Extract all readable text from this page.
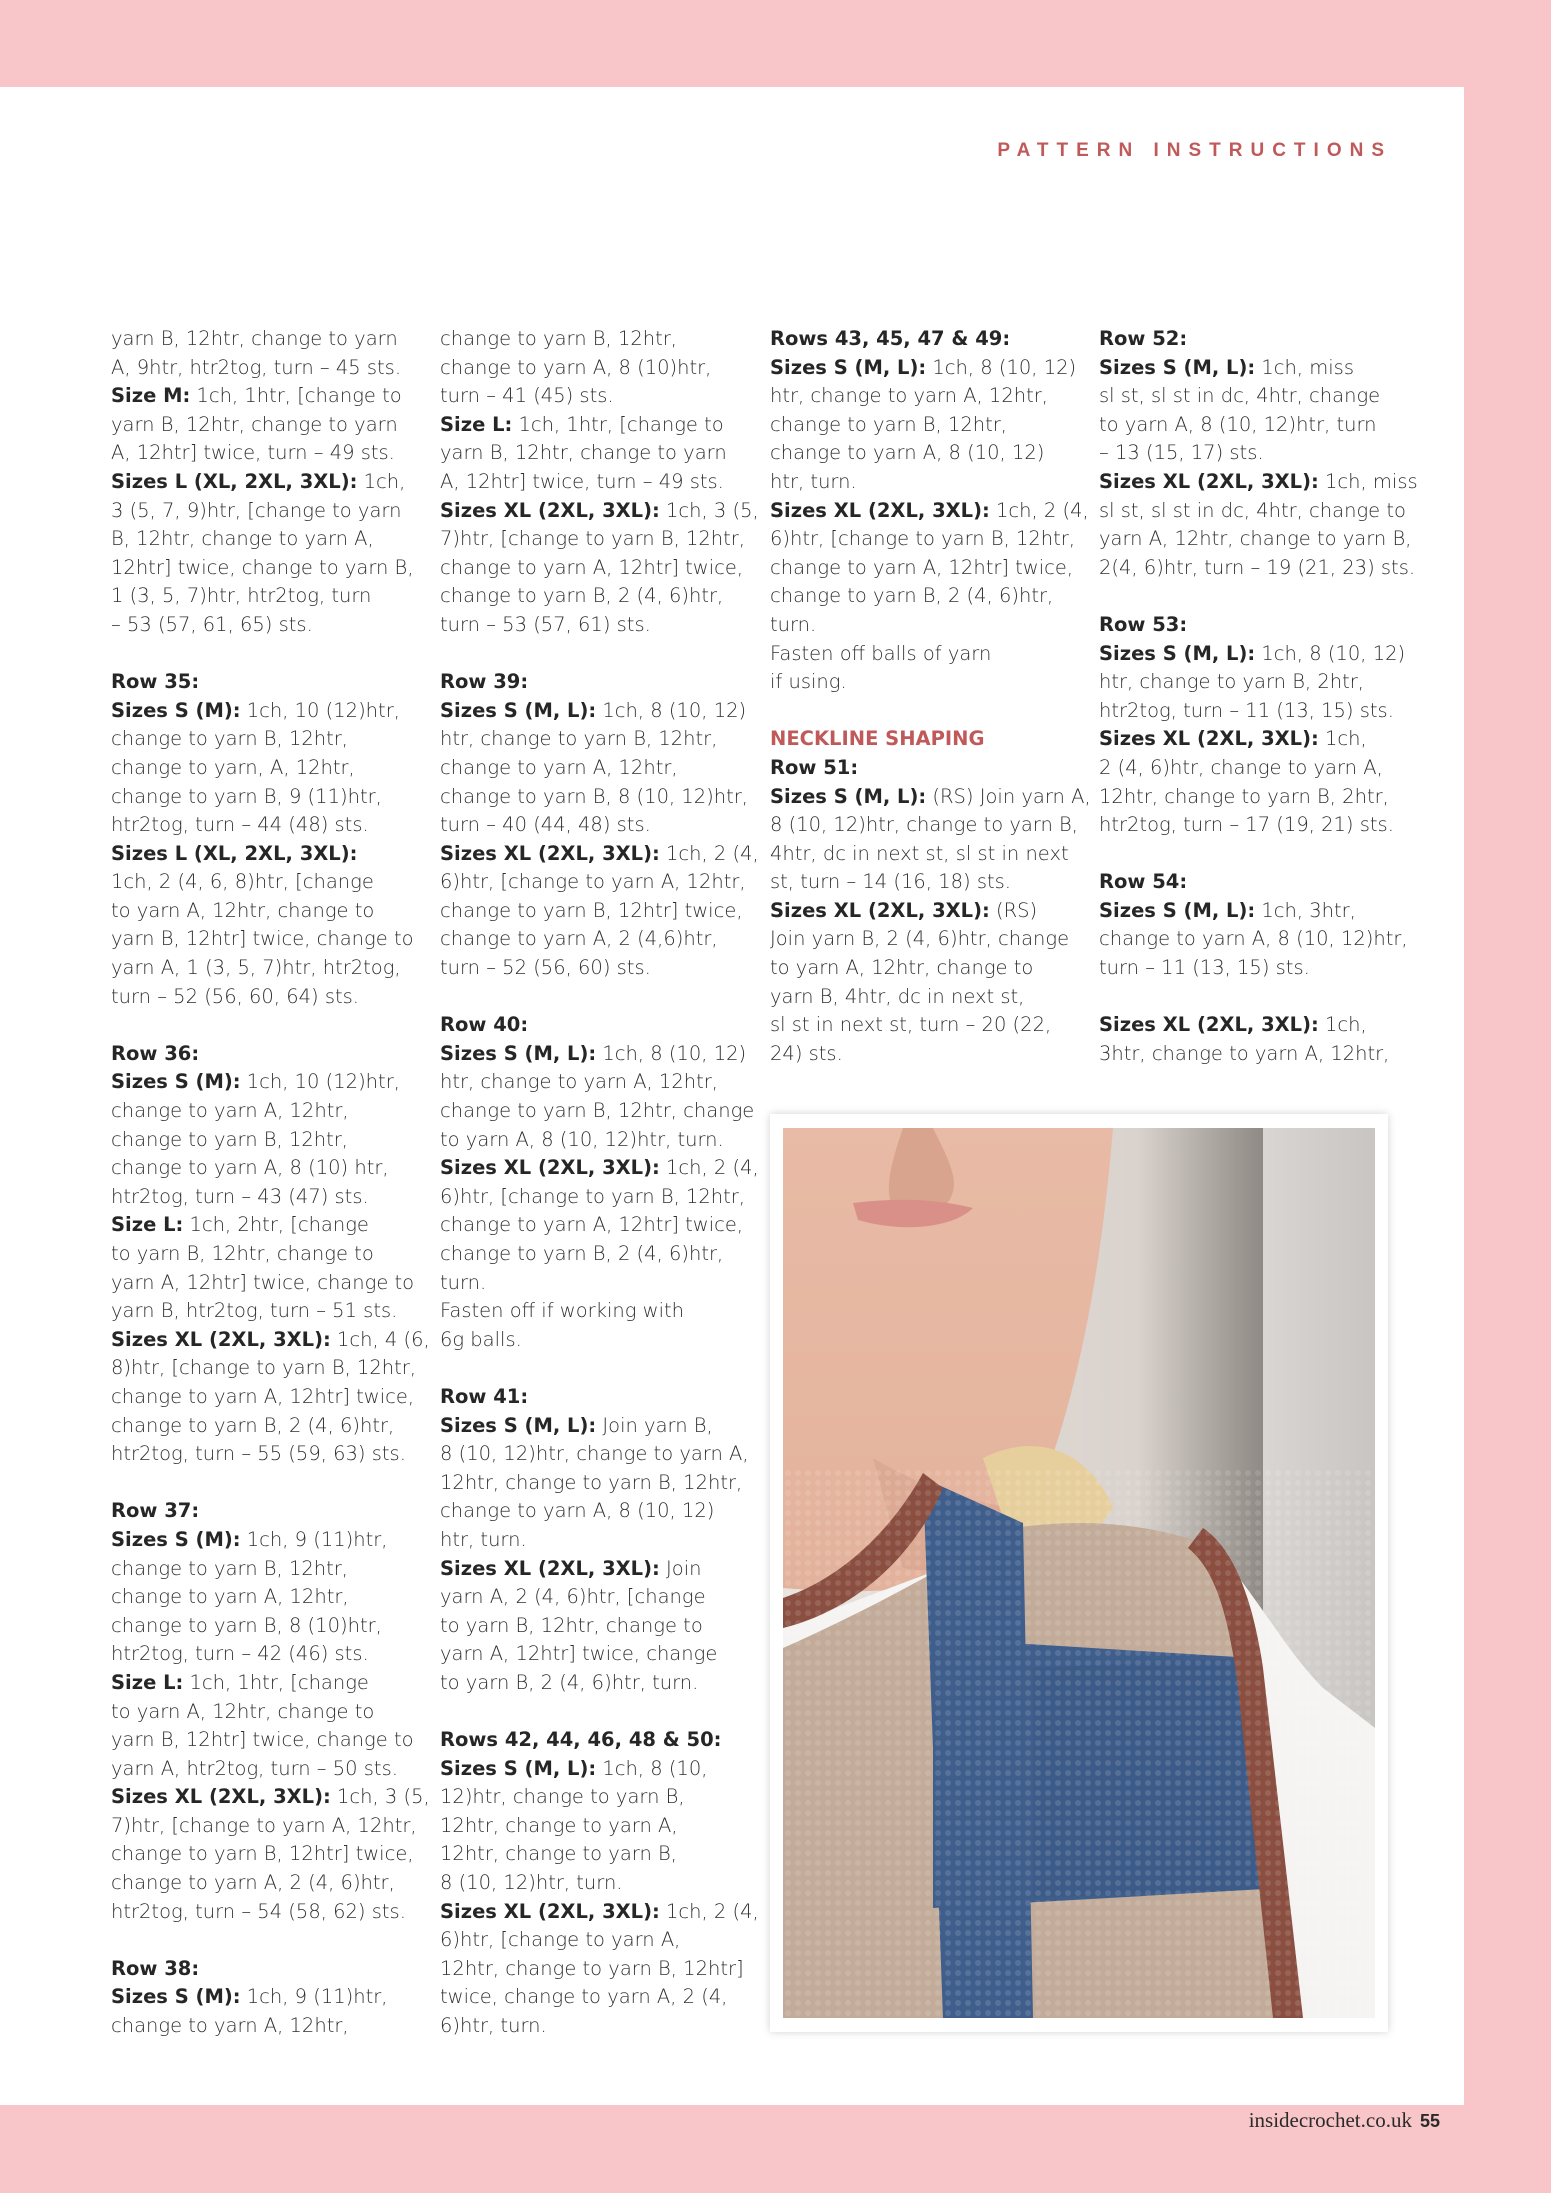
PATTERN INSTRUCTIONS
yarn B, 12htr, change to yarn
A, 9htr, htr2tog, turn – 45 sts.
Size M: 1ch, 1htr, [change to
yarn B, 12htr, change to yarn
A, 12htr] twice, turn – 49 sts.
Sizes L (XL, 2XL, 3XL): 1ch,
3 (5, 7, 9)htr, [change to yarn
B, 12htr, change to yarn A,
12htr] twice, change to yarn B,
1 (3, 5, 7)htr, htr2tog, turn
– 53 (57, 61, 65) sts.
Row 35:
Sizes S (M): 1ch, 10 (12)htr,
change to yarn B, 12htr,
change to yarn, A, 12htr,
change to yarn B, 9 (11)htr,
htr2tog, turn – 44 (48) sts.
Sizes L (XL, 2XL, 3XL):
1ch, 2 (4, 6, 8)htr, [change
to yarn A, 12htr, change to
yarn B, 12htr] twice, change to
yarn A, 1 (3, 5, 7)htr, htr2tog,
turn – 52 (56, 60, 64) sts.
Row 36:
Sizes S (M): 1ch, 10 (12)htr,
change to yarn A, 12htr,
change to yarn B, 12htr,
change to yarn A, 8 (10) htr,
htr2tog, turn – 43 (47) sts.
Size L: 1ch, 2htr, [change
to yarn B, 12htr, change to
yarn A, 12htr] twice, change to
yarn B, htr2tog, turn – 51 sts.
Sizes XL (2XL, 3XL): 1ch, 4 (6,
8)htr, [change to yarn B, 12htr,
change to yarn A, 12htr] twice,
change to yarn B, 2 (4, 6)htr,
htr2tog, turn – 55 (59, 63) sts.
Row 37:
Sizes S (M): 1ch, 9 (11)htr,
change to yarn B, 12htr,
change to yarn A, 12htr,
change to yarn B, 8 (10)htr,
htr2tog, turn – 42 (46) sts.
Size L: 1ch, 1htr, [change
to yarn A, 12htr, change to
yarn B, 12htr] twice, change to
yarn A, htr2tog, turn – 50 sts.
Sizes XL (2XL, 3XL): 1ch, 3 (5,
7)htr, [change to yarn A, 12htr,
change to yarn B, 12htr] twice,
change to yarn A, 2 (4, 6)htr,
htr2tog, turn – 54 (58, 62) sts.
Row 38:
Sizes S (M): 1ch, 9 (11)htr,
change to yarn A, 12htr,
change to yarn B, 12htr,
change to yarn A, 8 (10)htr,
turn – 41 (45) sts.
Size L: 1ch, 1htr, [change to
yarn B, 12htr, change to yarn
A, 12htr] twice, turn – 49 sts.
Sizes XL (2XL, 3XL): 1ch, 3 (5,
7)htr, [change to yarn B, 12htr,
change to yarn A, 12htr] twice,
change to yarn B, 2 (4, 6)htr,
turn – 53 (57, 61) sts.
Row 39:
Sizes S (M, L): 1ch, 8 (10, 12)
htr, change to yarn B, 12htr,
change to yarn A, 12htr,
change to yarn B, 8 (10, 12)htr,
turn – 40 (44, 48) sts.
Sizes XL (2XL, 3XL): 1ch, 2 (4,
6)htr, [change to yarn A, 12htr,
change to yarn B, 12htr] twice,
change to yarn A, 2 (4,6)htr,
turn – 52 (56, 60) sts.
Row 40:
Sizes S (M, L): 1ch, 8 (10, 12)
htr, change to yarn A, 12htr,
change to yarn B, 12htr, change
to yarn A, 8 (10, 12)htr, turn.
Sizes XL (2XL, 3XL): 1ch, 2 (4,
6)htr, [change to yarn B, 12htr,
change to yarn A, 12htr] twice,
change to yarn B, 2 (4, 6)htr,
turn.
Fasten off if working with
6g balls.
Row 41:
Sizes S (M, L): Join yarn B,
8 (10, 12)htr, change to yarn A,
12htr, change to yarn B, 12htr,
change to yarn A, 8 (10, 12)
htr, turn.
Sizes XL (2XL, 3XL): Join
yarn A, 2 (4, 6)htr, [change
to yarn B, 12htr, change to
yarn A, 12htr] twice, change
to yarn B, 2 (4, 6)htr, turn.
Rows 42, 44, 46, 48 & 50:
Sizes S (M, L): 1ch, 8 (10,
12)htr, change to yarn B,
12htr, change to yarn A,
12htr, change to yarn B,
8 (10, 12)htr, turn.
Sizes XL (2XL, 3XL): 1ch, 2 (4,
6)htr, [change to yarn A,
12htr, change to yarn B, 12htr]
twice, change to yarn A, 2 (4,
6)htr, turn.
Rows 43, 45, 47 & 49:
Sizes S (M, L): 1ch, 8 (10, 12)
htr, change to yarn A, 12htr,
change to yarn B, 12htr,
change to yarn A, 8 (10, 12)
htr, turn.
Sizes XL (2XL, 3XL): 1ch, 2 (4,
6)htr, [change to yarn B, 12htr,
change to yarn A, 12htr] twice,
change to yarn B, 2 (4, 6)htr,
turn.
Fasten off balls of yarn
if using.
NECKLINE SHAPING
Row 51:
Sizes S (M, L): (RS) Join yarn A,
8 (10, 12)htr, change to yarn B,
4htr, dc in next st, sl st in next
st, turn – 14 (16, 18) sts.
Sizes XL (2XL, 3XL): (RS)
Join yarn B, 2 (4, 6)htr, change
to yarn A, 12htr, change to
yarn B, 4htr, dc in next st,
sl st in next st, turn – 20 (22,
24) sts.
Row 52:
Sizes S (M, L): 1ch, miss
sl st, sl st in dc, 4htr, change
to yarn A, 8 (10, 12)htr, turn
– 13 (15, 17) sts.
Sizes XL (2XL, 3XL): 1ch, miss
sl st, sl st in dc, 4htr, change to
yarn A, 12htr, change to yarn B,
2(4, 6)htr, turn – 19 (21, 23) sts.
Row 53:
Sizes S (M, L): 1ch, 8 (10, 12)
htr, change to yarn B, 2htr,
htr2tog, turn – 11 (13, 15) sts.
Sizes XL (2XL, 3XL): 1ch,
2 (4, 6)htr, change to yarn A,
12htr, change to yarn B, 2htr,
htr2tog, turn – 17 (19, 21) sts.
Row 54:
Sizes S (M, L): 1ch, 3htr,
change to yarn A, 8 (10, 12)htr,
turn – 11 (13, 15) sts.
Sizes XL (2XL, 3XL): 1ch,
3htr, change to yarn A, 12htr,
insidecrochet.co.uk 55
